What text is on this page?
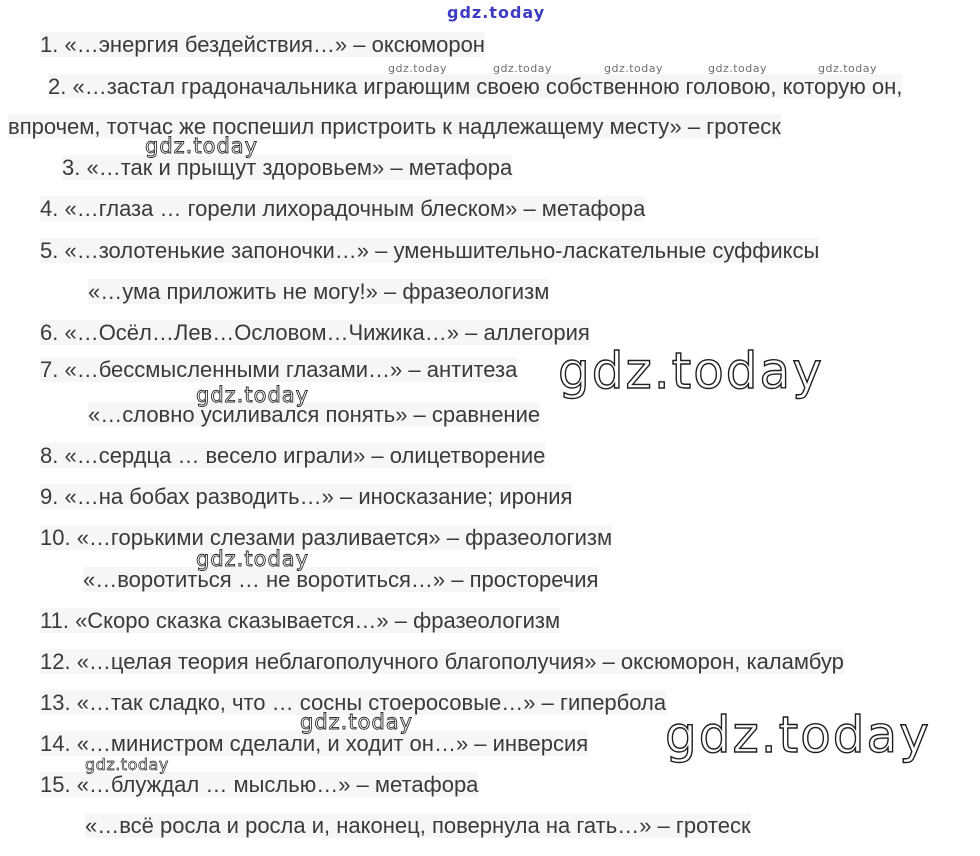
gdz.today
gdz.today	gdz.today	gdz.today	gdz.today	gdz.today
gdz.today
gdz.today
gdz.today
gdz.today
gdz.today	gdz.today
gdz.today
1. «…энергия бездействия…» – оксюморон
2. «…застал градоначальника играющим своею собственною головою, которую он,
впрочем, тотчас же поспешил пристроить к надлежащему месту» – гротеск
3. «…так и прыщут здоровьем» – метафора
4. «…глаза … горели лихорадочным блеском» – метафора
5. «…золотенькие запоночки…» – уменьшительно-ласкательные суффиксы
«…ума приложить не могу!» – фразеологизм
6. «…Осёл…Лев…Ословом…Чижика…» – аллегория
7. «…бессмысленными глазами…» – антитеза
«…словно усиливался понять» – сравнение
8. «…сердца … весело играли» – олицетворение
9. «…на бобах разводить…» – иносказание; ирония
10. «…горькими слезами разливается» – фразеологизм
«…воротиться … не воротиться…» – просторечия
11. «Скоро сказка сказывается…» – фразеологизм
12. «…целая теория неблагополучного благополучия» – оксюморон, каламбур
13. «…так сладко, что … сосны стоеросовые…» – гипербола
14. «…министром сделали, и ходит он…» – инверсия
15. «…блуждал … мыслью…» – метафора
«…всё росла и росла и, наконец, повернула на гать…» – гротеск
